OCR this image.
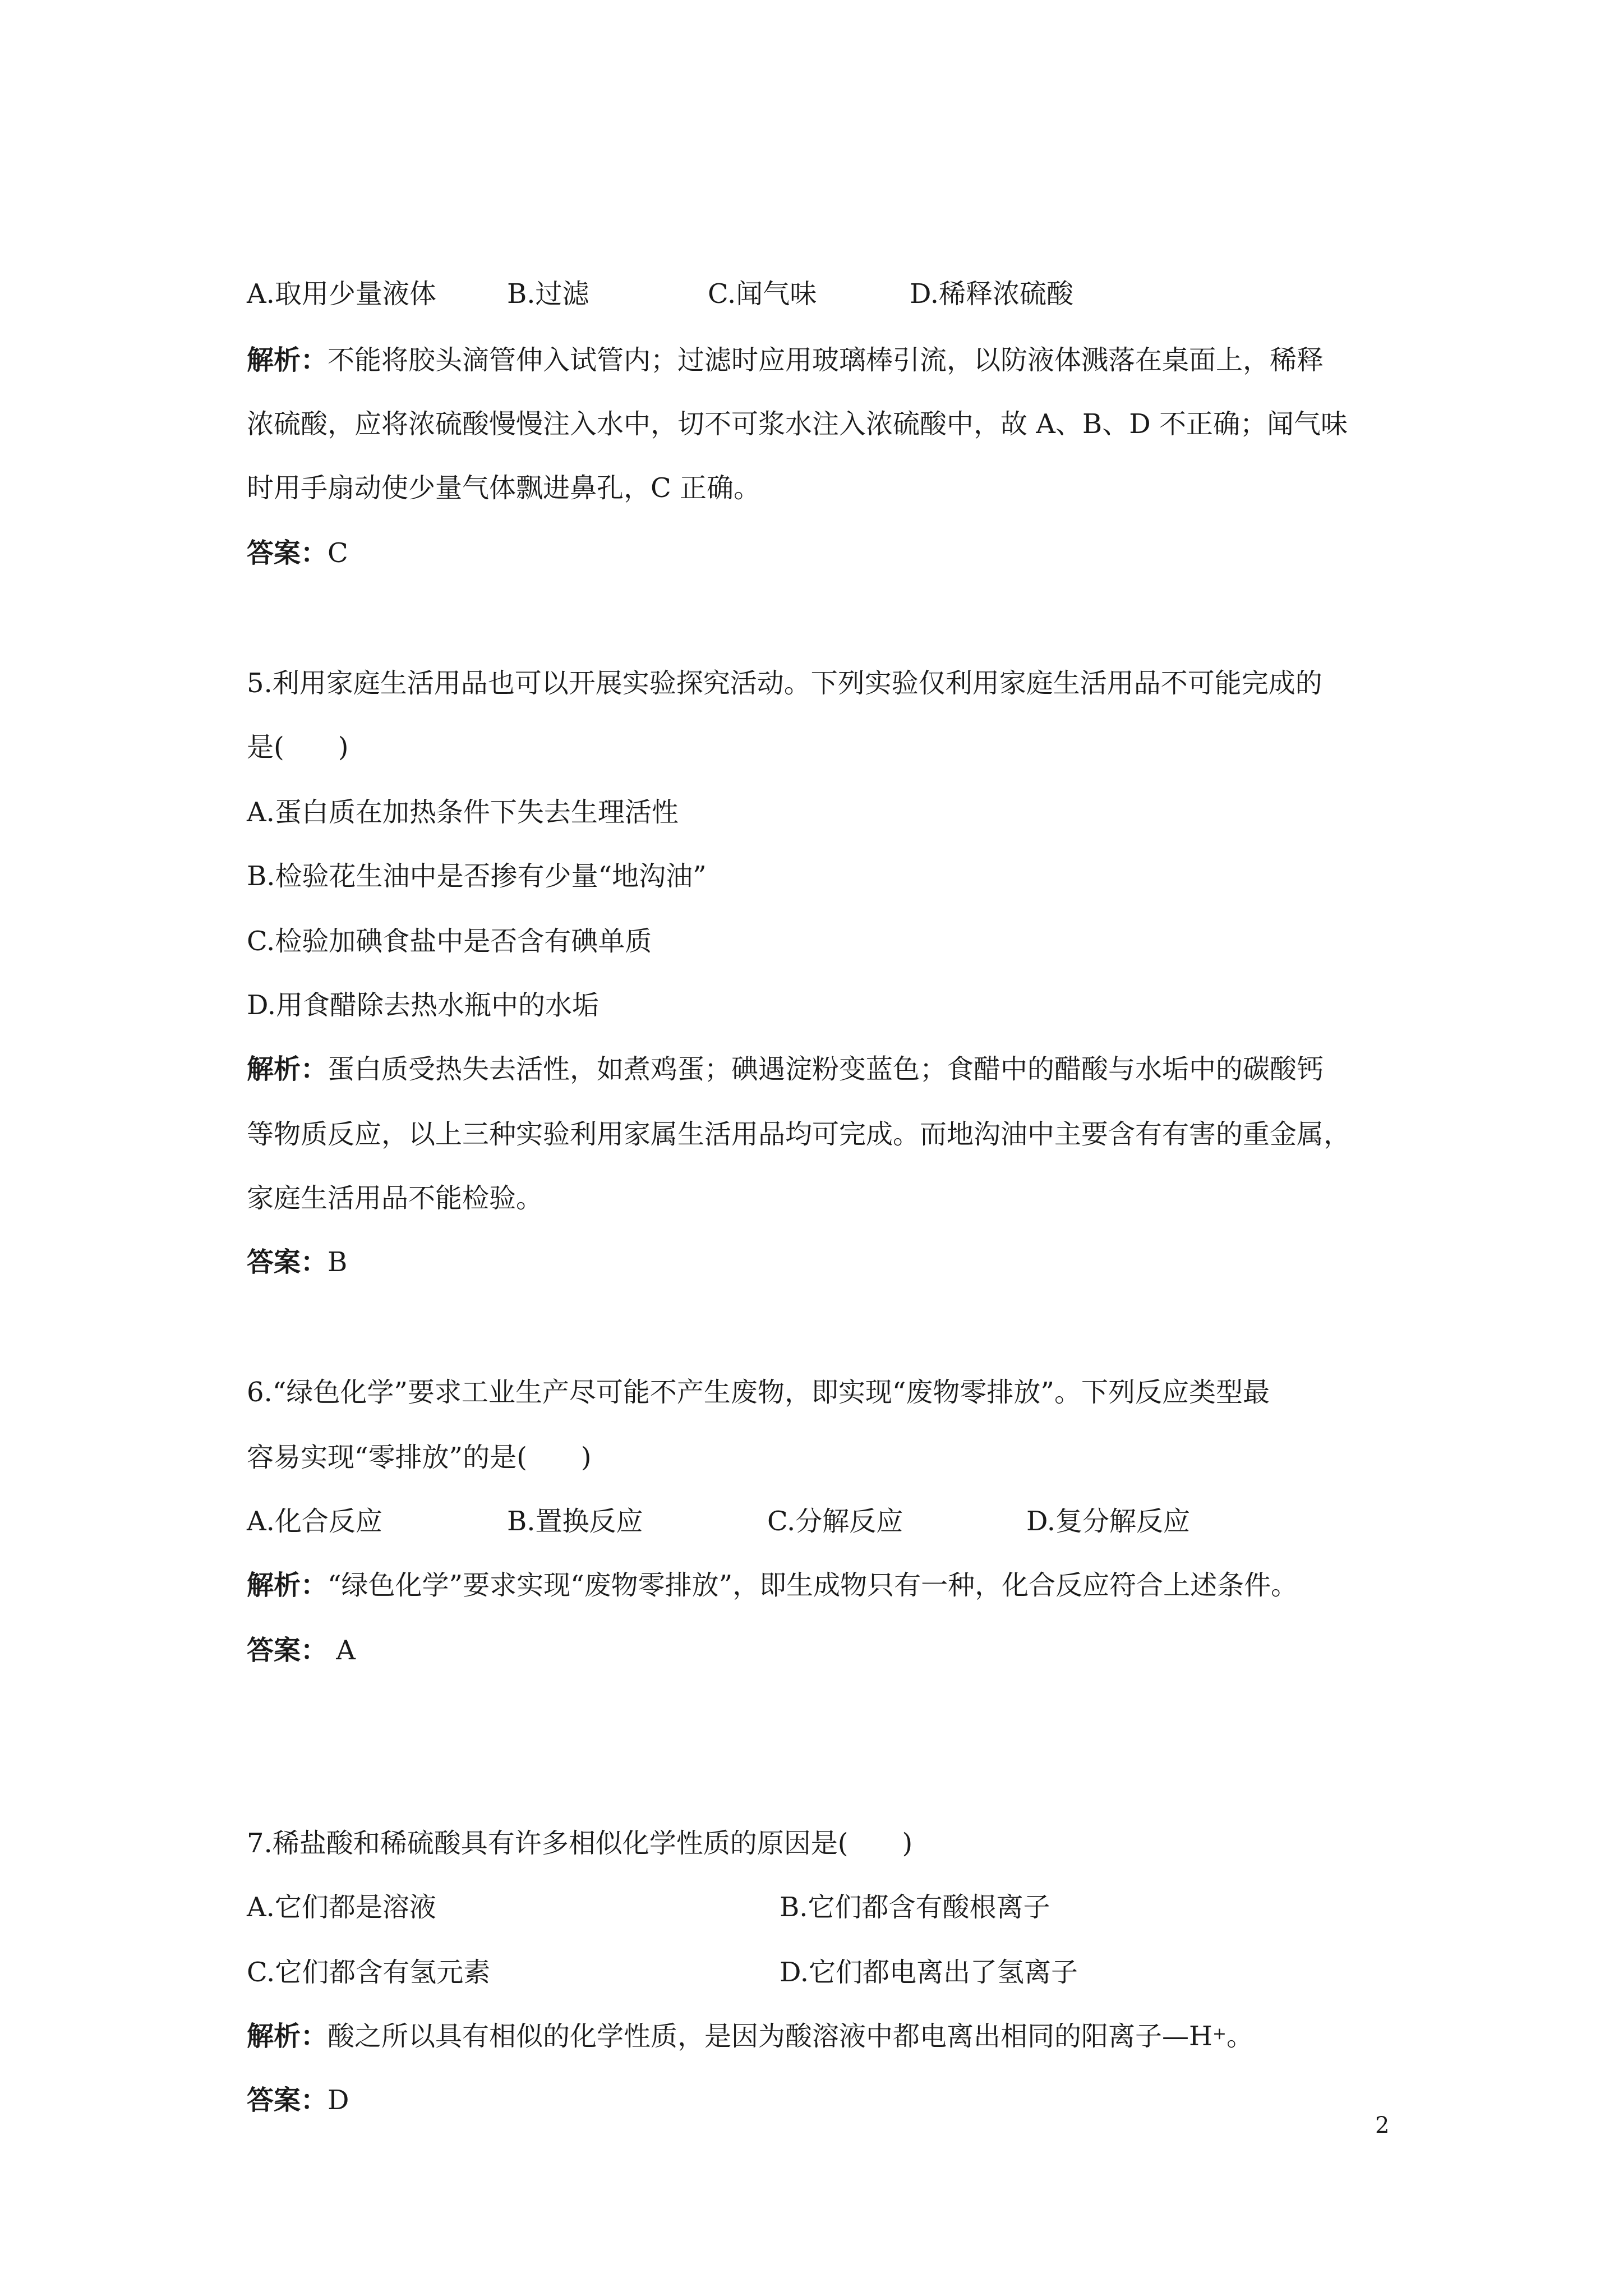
A.取用少量液体	B.过滤	C.闻气味	D.稀释浓硫酸
解析：不能将胶头滴管伸入试管内；过滤时应用玻璃棒引流，以防液体溅落在桌面上，稀释
浓硫酸，应将浓硫酸慢慢注入水中，切不可浆水注入浓硫酸中，故 A、B、D 不正确；闻气味
时用手扇动使少量气体飘进鼻孔，C 正确。
答案：C
5.利用家庭生活用品也可以开展实验探究活动。下列实验仅利用家庭生活用品不可能完成的
是(　　)
A.蛋白质在加热条件下失去生理活性
B.检验花生油中是否掺有少量“地沟油”
C.检验加碘食盐中是否含有碘单质
D.用食醋除去热水瓶中的水垢
解析：蛋白质受热失去活性，如煮鸡蛋；碘遇淀粉变蓝色；食醋中的醋酸与水垢中的碳酸钙
等物质反应，以上三种实验利用家属生活用品均可完成。而地沟油中主要含有有害的重金属，
家庭生活用品不能检验。
答案：B
6.“绿色化学”要求工业生产尽可能不产生废物，即实现“废物零排放”。下列反应类型最
容易实现“零排放”的是(　　)
A.化合反应	B.置换反应	C.分解反应	D.复分解反应
解析：“绿色化学”要求实现“废物零排放”，即生成物只有一种，化合反应符合上述条件。
答案： A
7.稀盐酸和稀硫酸具有许多相似化学性质的原因是(　　)
A.它们都是溶液	B.它们都含有酸根离子
C.它们都含有氢元素	D.它们都电离出了氢离子
解析：酸之所以具有相似的化学性质，是因为酸溶液中都电离出相同的阳离子—H+。
答案：D
2
